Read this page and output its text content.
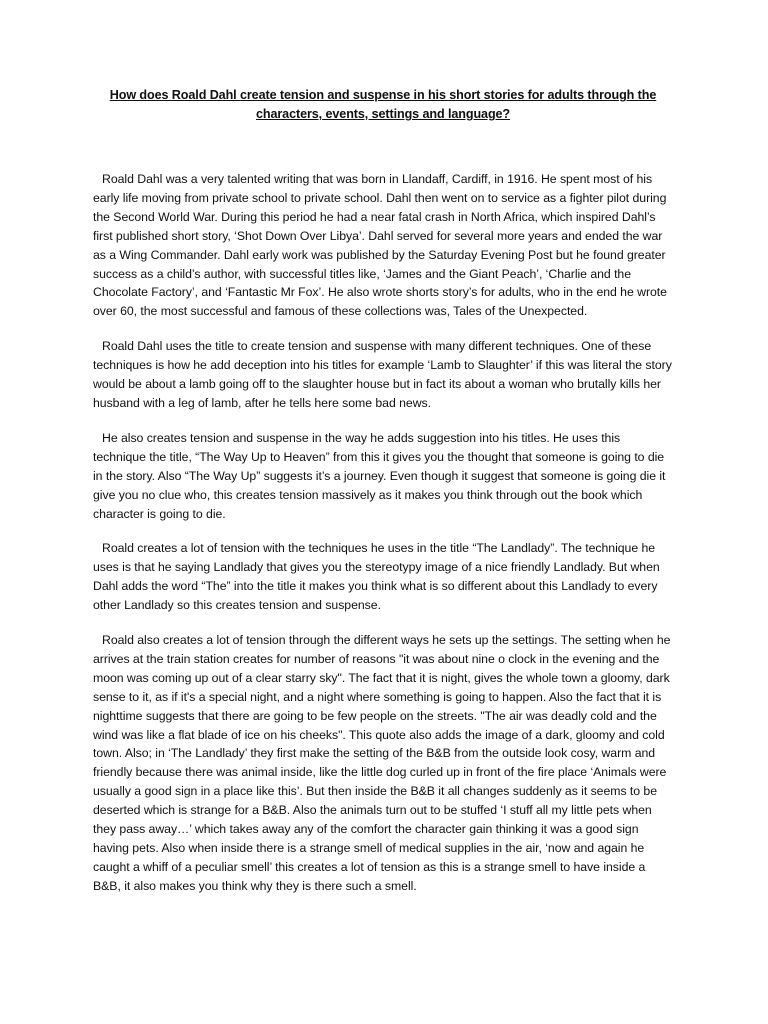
How does Roald Dahl create tension and suspense in his short stories for adults through the characters, events, settings and language?

Roald Dahl was a very talented writing that was born in Llandaff, Cardiff, in 1916. He spent most of his early life moving from private school to private school. Dahl then went on to service as a fighter pilot during the Second World War. During this period he had a near fatal crash in North Africa, which inspired Dahl’s first published short story, ‘Shot Down Over Libya’. Dahl served for several more years and ended the war as a Wing Commander. Dahl early work was published by the Saturday Evening Post but he found greater success as a child’s author, with successful titles like, ‘James and the Giant Peach’, ‘Charlie and the Chocolate Factory’, and ‘Fantastic Mr Fox’. He also wrote shorts story’s for adults, who in the end he wrote over 60, the most successful and famous of these collections was, Tales of the Unexpected.

Roald Dahl uses the title to create tension and suspense with many different techniques. One of these techniques is how he add deception into his titles for example ‘Lamb to Slaughter’ if this was literal the story would be about a lamb going off to the slaughter house but in fact its about a woman who brutally kills her husband with a leg of lamb, after he tells here some bad news.

He also creates tension and suspense in the way he adds suggestion into his titles. He uses this technique the title, “The Way Up to Heaven” from this it gives you the thought that someone is going to die in the story. Also “The Way Up” suggests it’s a journey. Even though it suggest that someone is going die it give you no clue who, this creates tension massively as it makes you think through out the book which character is going to die.

Roald creates a lot of tension with the techniques he uses in the title “The Landlady”. The technique he uses is that he saying Landlady that gives you the stereotypy image of a nice friendly Landlady. But when Dahl adds the word “The” into the title it makes you think what is so different about this Landlady to every other Landlady so this creates tension and suspense.

Roald also creates a lot of tension through the different ways he sets up the settings. The setting when he arrives at the train station creates for number of reasons "it was about nine o clock in the evening and the moon was coming up out of a clear starry sky". The fact that it is night, gives the whole town a gloomy, dark sense to it, as if it's a special night, and a night where something is going to happen. Also the fact that it is nighttime suggests that there are going to be few people on the streets. "The air was deadly cold and the wind was like a flat blade of ice on his cheeks". This quote also adds the image of a dark, gloomy and cold town. Also; in ‘The Landlady’ they first make the setting of the B&B from the outside look cosy, warm and friendly because there was animal inside, like the little dog curled up in front of the fire place ‘Animals were usually a good sign in a place like this’. But then inside the B&B it all changes suddenly as it seems to be deserted which is strange for a B&B. Also the animals turn out to be stuffed ‘I stuff all my little pets when they pass away…’ which takes away any of the comfort the character gain thinking it was a good sign having pets. Also when inside there is a strange smell of medical supplies in the air, ‘now and again he caught a whiff of a peculiar smell’ this creates a lot of tension as this is a strange smell to have inside a B&B, it also makes you think why they is there such a smell.
